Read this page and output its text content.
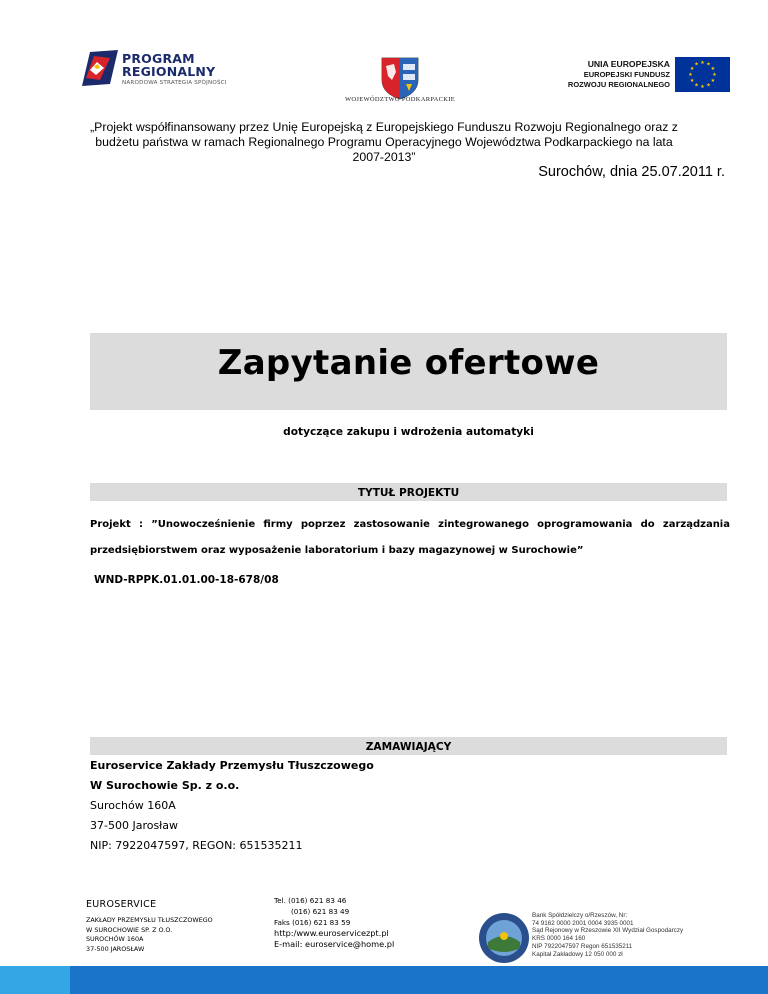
PROGRAM
REGIONALNY
NARODOWA STRATEGIA SPÓJNOŚCI
WOJEWÓDZTWO PODKARPACKIE
UNIA EUROPEJSKA
EUROPEJSKI FUNDUSZ
ROZWOJU REGIONALNEGO
★ ★
★
★
★
★
★
★
★
★
★
★
„Projekt współfinansowany przez Unię Europejską z Europejskiego Funduszu Rozwoju Regionalnego oraz z budżetu państwa w ramach Regionalnego Programu Operacyjnego Województwa Podkarpackiego na lata 2007-2013”
Surochów, dnia 25.07.2011 r.
Zapytanie ofertowe
dotyczące zakupu i wdrożenia automatyki
TYTUŁ PROJEKTU
Projekt : ”Unowocześnienie firmy poprzez zastosowanie zintegrowanego oprogramowania do zarządzania przedsiębiorstwem oraz wyposażenie laboratorium i bazy magazynowej w Surochowie”
WND-RPPK.01.01.00-18-678/08
ZAMAWIAJĄCY
Euroservice Zakłady Przemysłu Tłuszczowego
W Surochowie Sp. z o.o.
Surochów 160A
37-500 Jarosław
NIP: 7922047597, REGON: 651535211
EUROSERVICE
ZAKŁADY PRZEMYSŁU TŁUSZCZOWEGO
W SUROCHOWIE SP. Z O.O.
SUROCHÓW 160A
37-500 JAROSŁAW
Tel. (016) 621 83 46
(016) 621 83 49
Faks (016) 621 83 59
http:/www.euroservicezpt.pl
E-mail: euroservice@home.pl
Bank Spółdzielczy o/Rzeszów, Nr:
74 9162 0000 2001 0004 3935 0001
Sąd Rejonowy w Rzeszowie XII Wydział Gospodarczy
KRS 0000 164 160
NIP 7922047597 Regon 651535211
Kapitał Zakładowy 12 050 000 zł
